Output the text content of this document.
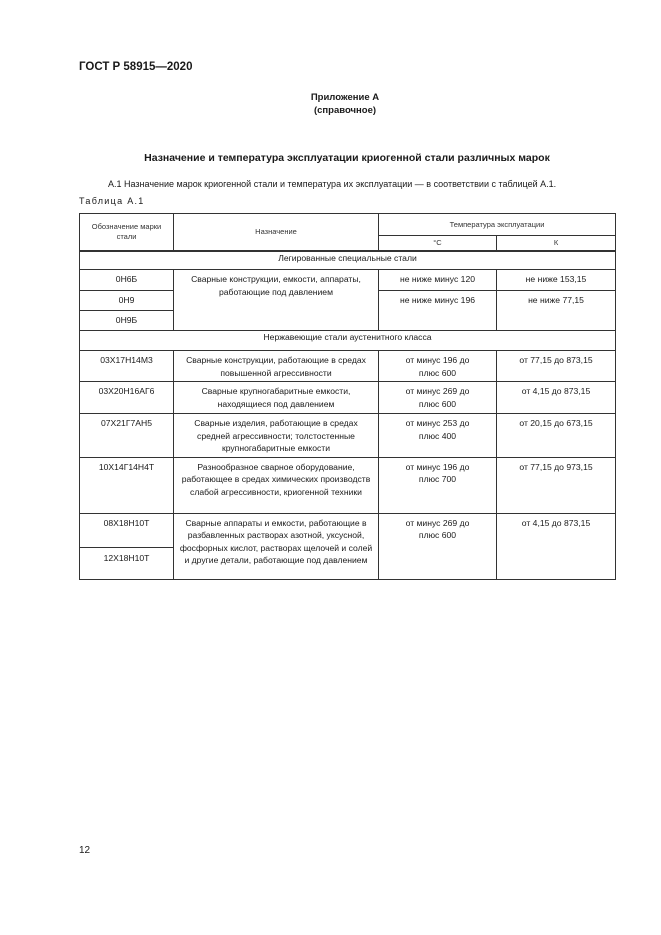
ГОСТ Р 58915—2020
Приложение А
(справочное)
Назначение и температура эксплуатации криогенной стали различных марок
А.1 Назначение марок криогенной стали и температура их эксплуатации — в соответствии с таблицей А.1.
Таблица А.1
Обозначение марки стали	Назначение	Температура эксплуатации	
		°С	К
Легированные специальные стали			
0Н6Б	Сварные конструкции, емкости, аппараты, работающие под давлением	не ниже минус 120	не ниже 153,15
0Н9		не ниже минус 196	не ниже 77,15
0Н9Б			
Нержавеющие стали аустенитного класса			
03Х17Н14М3	Сварные конструкции, работающие в средах повышенной агрессивности	от минус 196 до плюс 600	от 77,15 до 873,15
03Х20Н16АГ6	Сварные крупногабаритные емкости, находящиеся под давлением	от минус 269 до плюс 600	от 4,15 до 873,15
07Х21Г7АН5	Сварные изделия, работающие в средах средней агрессивности; толстостенные крупногабаритные емкости	от минус 253 до плюс 400	от 20,15 до 673,15
10Х14Г14Н4Т	Разнообразное сварное оборудование, работающее в средах химических производств слабой агрессивности, криогенной техники	от минус 196 до плюс 700	от 77,15 до 973,15
08Х18Н10Т	Сварные аппараты и емкости, работающие в разбавленных растворах азотной, уксусной, фосфорных кислот, растворах щелочей и солей и другие детали, работающие под давлением	от минус 269 до плюс 600	от 4,15 до 873,15
12Х18Н10Т			
12
